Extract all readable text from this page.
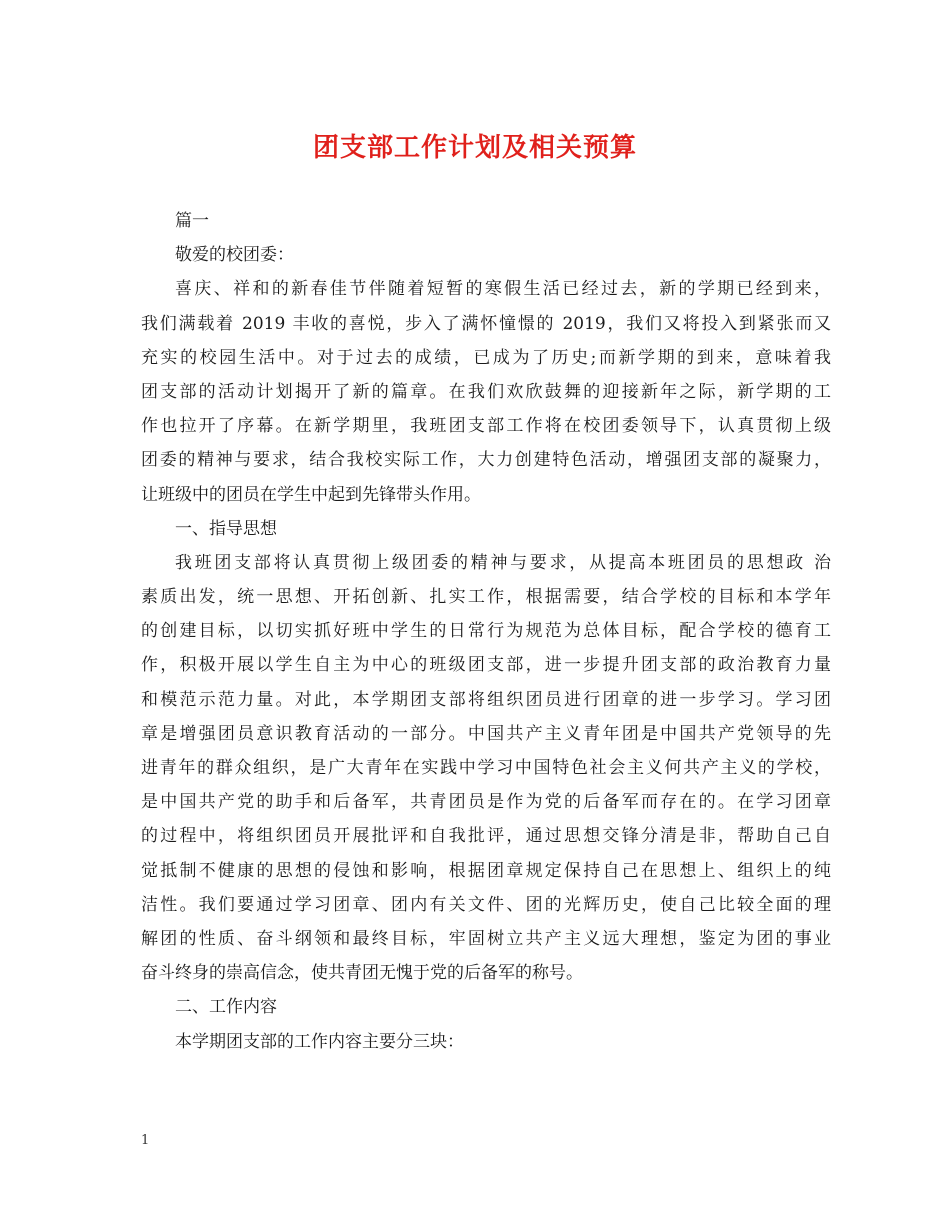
团支部工作计划及相关预算
篇一
敬爱的校团委：
喜庆、祥和的新春佳节伴随着短暂的寒假生活已经过去，新的学期已经到来，
我们满载着 2019 丰收的喜悦，步入了满怀憧憬的 2019，我们又将投入到紧张而又
充实的校园生活中。对于过去的成绩，已成为了历史;而新学期的到来，意味着我
团支部的活动计划揭开了新的篇章。在我们欢欣鼓舞的迎接新年之际，新学期的工
作也拉开了序幕。在新学期里，我班团支部工作将在校团委领导下，认真贯彻上级
团委的精神与要求，结合我校实际工作，大力创建特色活动，增强团支部的凝聚力，
让班级中的团员在学生中起到先锋带头作用。
一、指导思想
我班团支部将认真贯彻上级团委的精神与要求，从提高本班团员的思想政 治
素质出发，统一思想、开拓创新、扎实工作，根据需要，结合学校的目标和本学年
的创建目标，以切实抓好班中学生的日常行为规范为总体目标，配合学校的德育工
作，积极开展以学生自主为中心的班级团支部，进一步提升团支部的政治教育力量
和模范示范力量。对此，本学期团支部将组织团员进行团章的进一步学习。学习团
章是增强团员意识教育活动的一部分。中国共产主义青年团是中国共产党领导的先
进青年的群众组织，是广大青年在实践中学习中国特色社会主义何共产主义的学校，
是中国共产党的助手和后备军，共青团员是作为党的后备军而存在的。在学习团章
的过程中，将组织团员开展批评和自我批评，通过思想交锋分清是非，帮助自己自
觉抵制不健康的思想的侵蚀和影响，根据团章规定保持自己在思想上、组织上的纯
洁性。我们要通过学习团章、团内有关文件、团的光辉历史，使自己比较全面的理
解团的性质、奋斗纲领和最终目标，牢固树立共产主义远大理想，鉴定为团的事业
奋斗终身的崇高信念，使共青团无愧于党的后备军的称号。
二、工作内容
本学期团支部的工作内容主要分三块：
1
